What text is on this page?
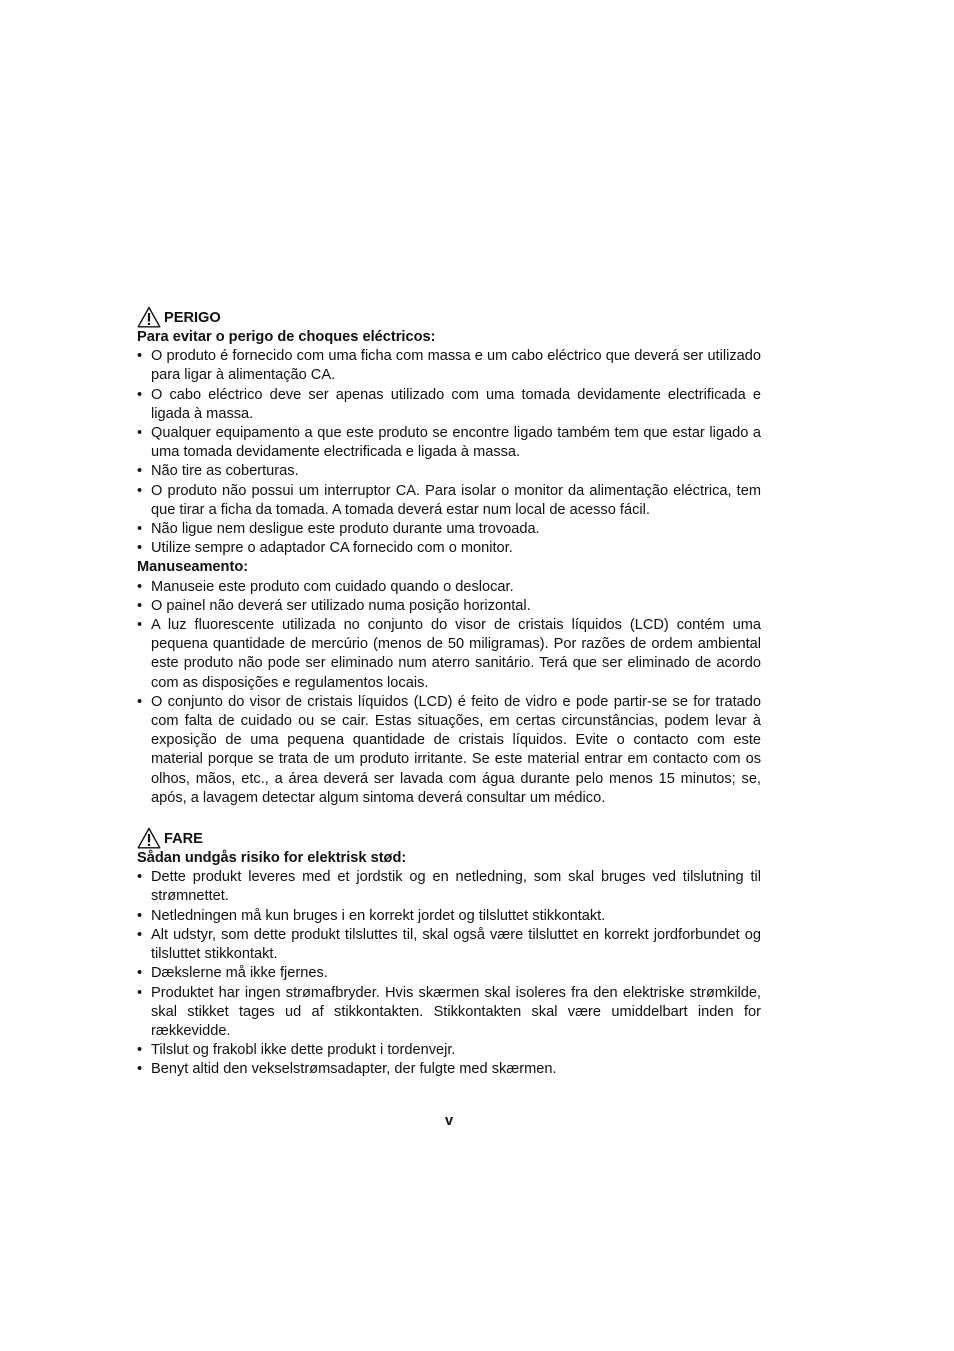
PERIGO
Para evitar o perigo de choques eléctricos:
• O produto é fornecido com uma ficha com massa e um cabo eléctrico que deverá ser utilizado para ligar à alimentação CA.
• O cabo eléctrico deve ser apenas utilizado com uma tomada devidamente electrificada e ligada à massa.
• Qualquer equipamento a que este produto se encontre ligado também tem que estar ligado a uma tomada devidamente electrificada e ligada à massa.
• Não tire as coberturas.
• O produto não possui um interruptor CA. Para isolar o monitor da alimentação eléctrica, tem que tirar a ficha da tomada. A tomada deverá estar num local de acesso fácil.
• Não ligue nem desligue este produto durante uma trovoada.
• Utilize sempre o adaptador CA fornecido com o monitor.
Manuseamento:
• Manuseie este produto com cuidado quando o deslocar.
• O painel não deverá ser utilizado numa posição horizontal.
• A luz fluorescente utilizada no conjunto do visor de cristais líquidos (LCD) contém uma pequena quantidade de mercúrio (menos de 50 miligramas). Por razões de ordem ambiental este produto não pode ser eliminado num aterro sanitário. Terá que ser eliminado de acordo com as disposições e regulamentos locais.
• O conjunto do visor de cristais líquidos (LCD) é feito de vidro e pode partir-se se for tratado com falta de cuidado ou se cair. Estas situações, em certas circunstâncias, podem levar à exposição de uma pequena quantidade de cristais líquidos. Evite o contacto com este material porque se trata de um produto irritante. Se este material entrar em contacto com os olhos, mãos, etc., a área deverá ser lavada com água durante pelo menos 15 minutos; se, após, a lavagem detectar algum sintoma deverá consultar um médico.
FARE
Sådan undgås risiko for elektrisk stød:
• Dette produkt leveres med et jordstik og en netledning, som skal bruges ved tilslutning til strømnettet.
• Netledningen må kun bruges i en korrekt jordet og tilsluttet stikkontakt.
• Alt udstyr, som dette produkt tilsluttes til, skal også være tilsluttet en korrekt jordforbundet og tilsluttet stikkontakt.
• Dækslerne må ikke fjernes.
• Produktet har ingen strømafbryder. Hvis skærmen skal isoleres fra den elektriske strømkilde, skal stikket tages ud af stikkontakten. Stikkontakten skal være umiddelbart inden for rækkevidde.
• Tilslut og frakobl ikke dette produkt i tordenvejr.
• Benyt altid den vekselstrømsadapter, der fulgte med skærmen.
v
